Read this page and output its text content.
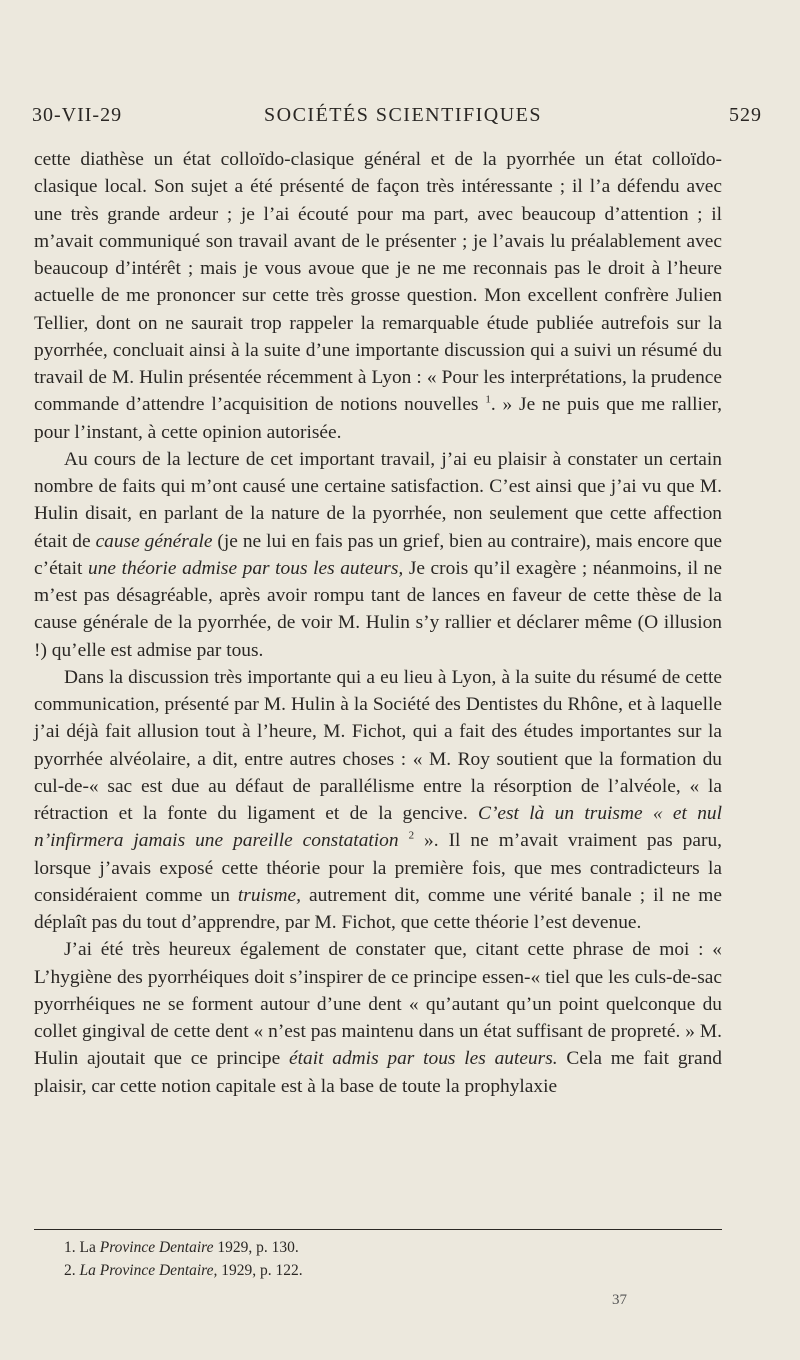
30-VII-29	SOCIÉTÉS SCIENTIFIQUES	529

cette diathèse un état colloïdo-clasique général et de la pyorrhée un état colloïdo-clasique local. Son sujet a été présenté de façon très intéressante ; il l’a défendu avec une très grande ardeur ; je l’ai écouté pour ma part, avec beaucoup d’attention ; il m’avait communiqué son travail avant de le présenter ; je l’avais lu préalablement avec beaucoup d’intérêt ; mais je vous avoue que je ne me reconnais pas le droit à l’heure actuelle de me prononcer sur cette très grosse question. Mon excellent confrère Julien Tellier, dont on ne saurait trop rappeler la remarquable étude publiée autrefois sur la pyorrhée, concluait ainsi à la suite d’une importante discussion qui a suivi un résumé du travail de M. Hulin présentée récemment à Lyon : « Pour les interprétations, la prudence commande d’attendre l’acquisition de notions nouvelles $^1$. » Je ne puis que me rallier, pour l’instant, à cette opinion autorisée.

Au cours de la lecture de cet important travail, j’ai eu plaisir à constater un certain nombre de faits qui m’ont causé une certaine satisfaction. C’est ainsi que j’ai vu que M. Hulin disait, en parlant de la nature de la pyorrhée, non seulement que cette affection était de cause générale (je ne lui en fais pas un grief, bien au contraire), mais encore que c’était une théorie admise par tous les auteurs, Je crois qu’il exagère ; néanmoins, il ne m’est pas désagréable, après avoir rompu tant de lances en faveur de cette thèse de la cause générale de la pyorrhée, de voir M. Hulin s’y rallier et déclarer même (O illusion !) qu’elle est admise par tous.

Dans la discussion très importante qui a eu lieu à Lyon, à la suite du résumé de cette communication, présenté par M. Hulin à la Société des Dentistes du Rhône, et à laquelle j’ai déjà fait allusion tout à l’heure, M. Fichot, qui a fait des études importantes sur la pyorrhée alvéolaire, a dit, entre autres choses : « M. Roy soutient que la formation du cul-de-« sac est due au défaut de parallélisme entre la résorption de l’alvéole, « la rétraction et la fonte du ligament et de la gencive. C’est là un truisme « et nul n’infirmera jamais une pareille constatation $^2$ ». Il ne m’avait vraiment pas paru, lorsque j’avais exposé cette théorie pour la première fois, que mes contradicteurs la considéraient comme un truisme, autrement dit, comme une vérité banale ; il ne me déplaît pas du tout d’apprendre, par M. Fichot, que cette théorie l’est devenue.

J’ai été très heureux également de constater que, citant cette phrase de moi : « L’hygiène des pyorrhéiques doit s’inspirer de ce principe essen-« tiel que les culs-de-sac pyorrhéiques ne se forment autour d’une dent « qu’autant qu’un point quelconque du collet gingival de cette dent « n’est pas maintenu dans un état suffisant de propreté. » M. Hulin ajoutait que ce principe était admis par tous les auteurs. Cela me fait grand plaisir, car cette notion capitale est à la base de toute la prophylaxie

1. La Province Dentaire 1929, p. 130.
2. La Province Dentaire, 1929, p. 122.
37
